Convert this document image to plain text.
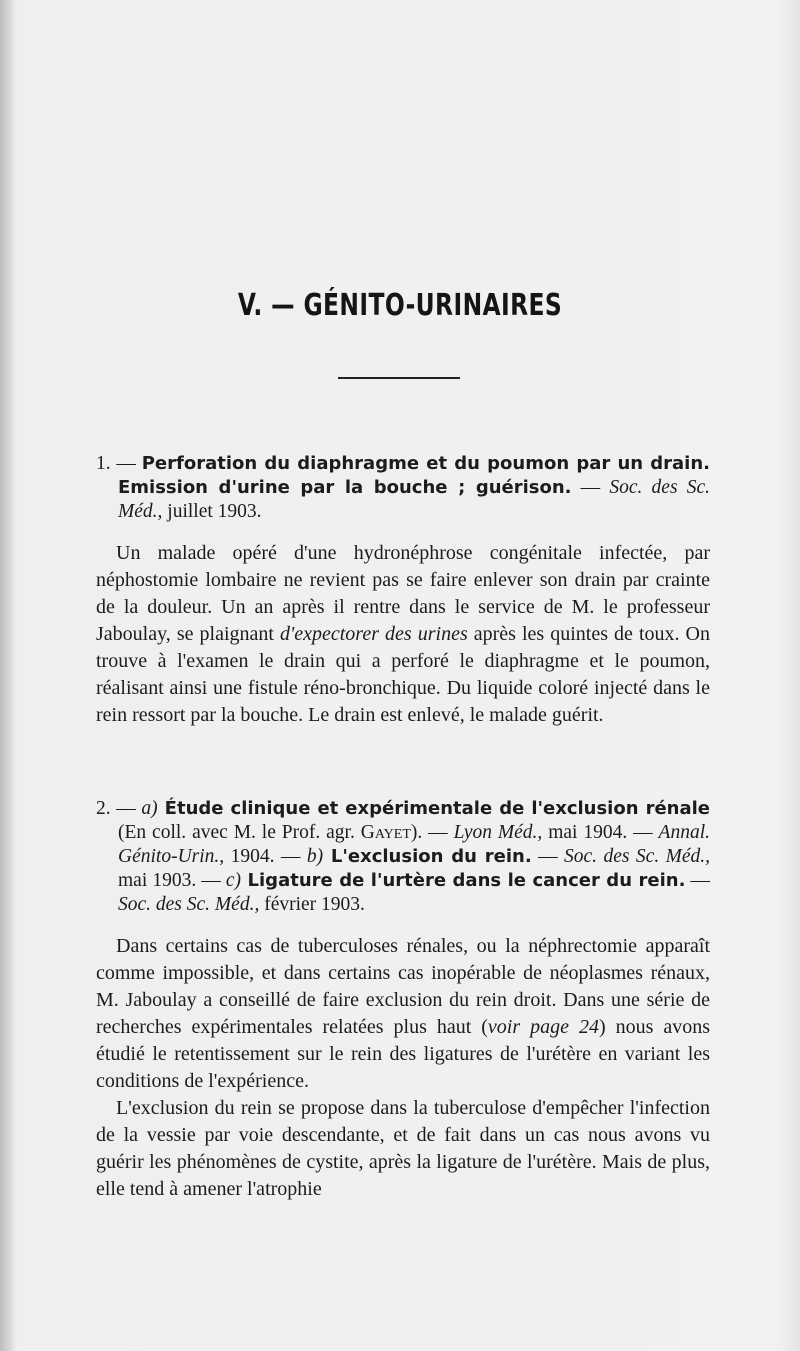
V. — GÉNITO-URINAIRES
1. — Perforation du diaphragme et du poumon par un drain. Emission d'urine par la bouche ; guérison. — Soc. des Sc. Méd., juillet 1903.

Un malade opéré d'une hydronéphrose congénitale infectée, par néphostomie lombaire ne revient pas se faire enlever son drain par crainte de la douleur. Un an après il rentre dans le service de M. le professeur Jaboulay, se plaignant d'expectorer des urines après les quintes de toux. On trouve à l'examen le drain qui a perforé le diaphragme et le poumon, réalisant ainsi une fistule réno-bronchique. Du liquide coloré injecté dans le rein ressort par la bouche. Le drain est enlevé, le malade guérit.

2. — a) Étude clinique et expérimentale de l'exclusion rénale (En coll. avec M. le Prof. agr. Gayet). — Lyon Méd., mai 1904. — Annal. Génito-Urin., 1904. — b) L'exclusion du rein. — Soc. des Sc. Méd., mai 1903. — c) Ligature de l'urtère dans le cancer du rein. — Soc. des Sc. Méd., février 1903.

Dans certains cas de tuberculoses rénales, ou la néphrectomie apparaît comme impossible, et dans certains cas inopérable de néoplasmes rénaux, M. Jaboulay a conseillé de faire exclusion du rein droit. Dans une série de recherches expérimentales relatées plus haut (voir page 24) nous avons étudié le retentissement sur le rein des ligatures de l'urétère en variant les conditions de l'expérience.

L'exclusion du rein se propose dans la tuberculose d'empêcher l'infection de la vessie par voie descendante, et de fait dans un cas nous avons vu guérir les phénomènes de cystite, après la ligature de l'urétère. Mais de plus, elle tend à amener l'atrophie
